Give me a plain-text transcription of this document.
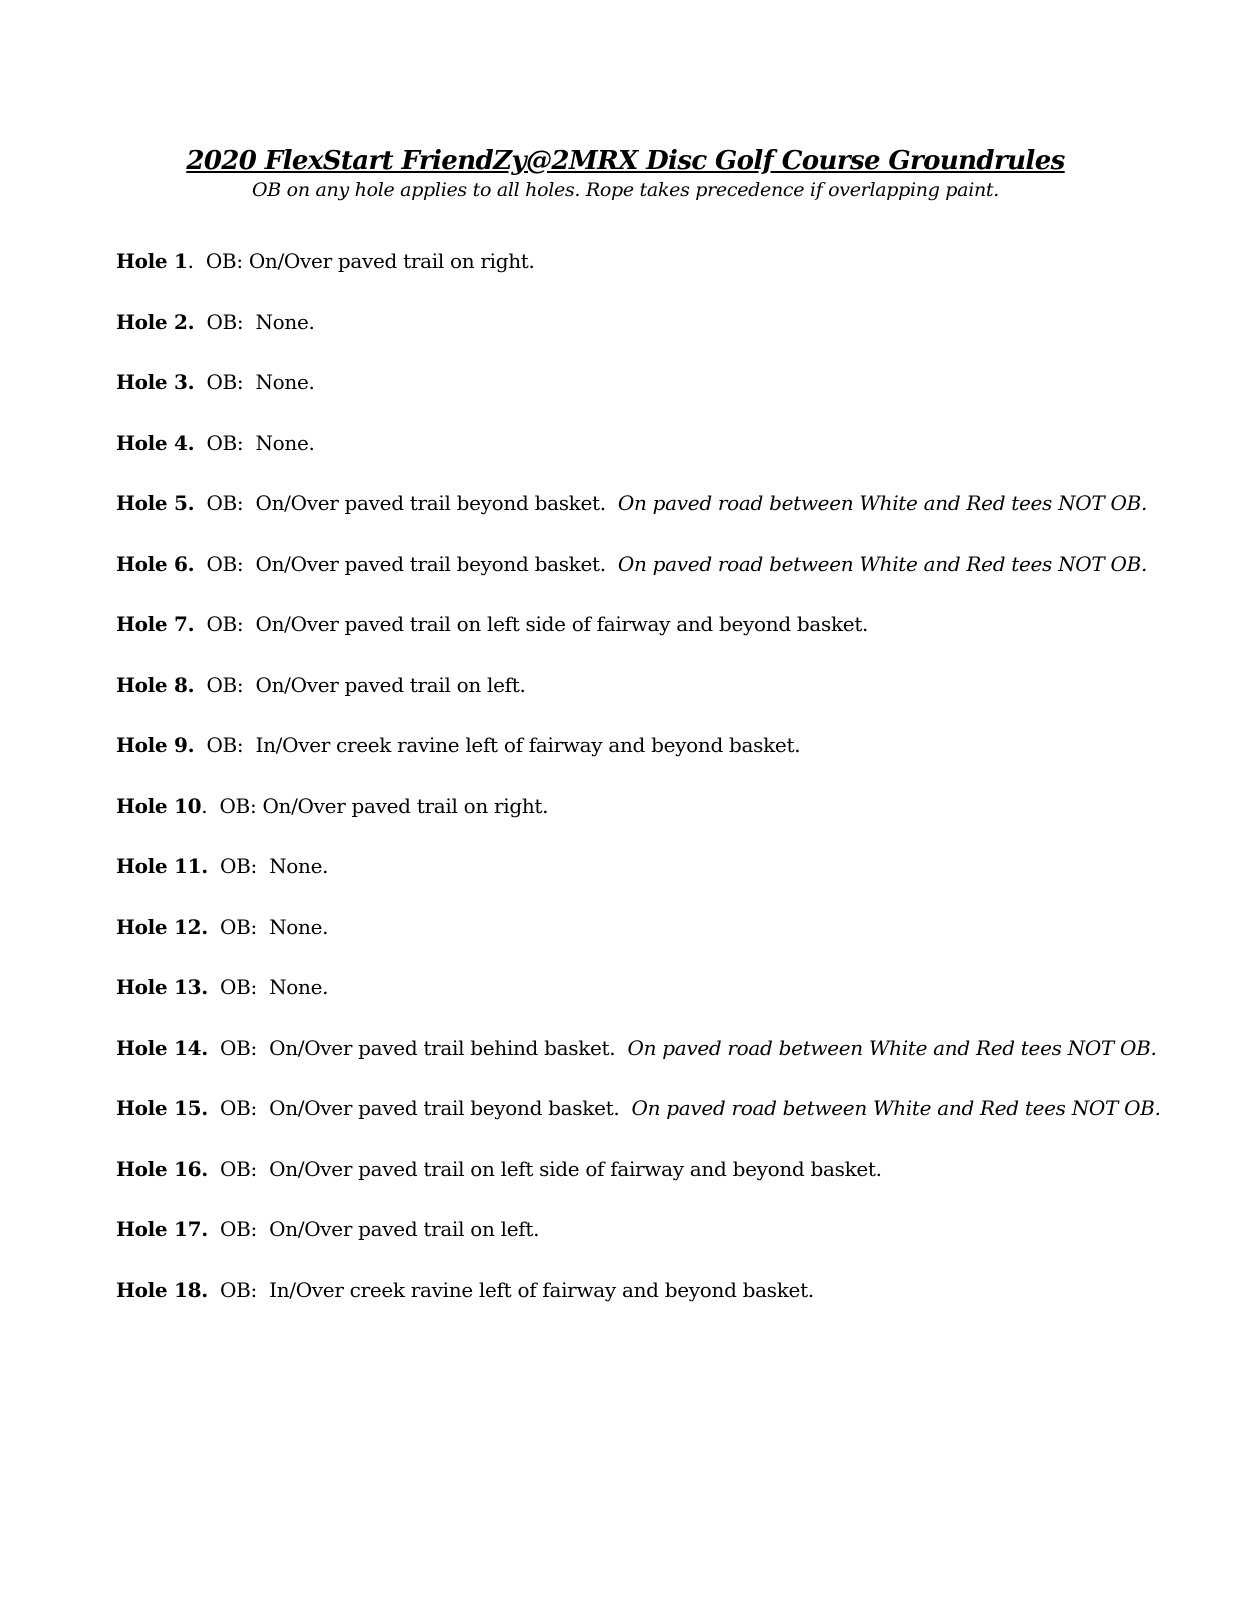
2020 FlexStart FriendZy@2MRX Disc Golf Course Groundrules
OB on any hole applies to all holes. Rope takes precedence if overlapping paint.
Hole 1.  OB: On/Over paved trail on right.
Hole 2. OB:  None.
Hole 3. OB:  None.
Hole 4. OB:  None.
Hole 5. OB:  On/Over paved trail beyond basket.  On paved road between White and Red tees NOT OB.
Hole 6. OB:  On/Over paved trail beyond basket.  On paved road between White and Red tees NOT OB.
Hole 7. OB:  On/Over paved trail on left side of fairway and beyond basket.
Hole 8. OB:  On/Over paved trail on left.
Hole 9. OB:  In/Over creek ravine left of fairway and beyond basket.
Hole 10.  OB: On/Over paved trail on right.
Hole 11. OB:  None.
Hole 12. OB:  None.
Hole 13. OB:  None.
Hole 14. OB:  On/Over paved trail behind basket.  On paved road between White and Red tees NOT OB.
Hole 15. OB:  On/Over paved trail beyond basket.  On paved road between White and Red tees NOT OB.
Hole 16. OB:  On/Over paved trail on left side of fairway and beyond basket.
Hole 17. OB:  On/Over paved trail on left.
Hole 18. OB:  In/Over creek ravine left of fairway and beyond basket.
